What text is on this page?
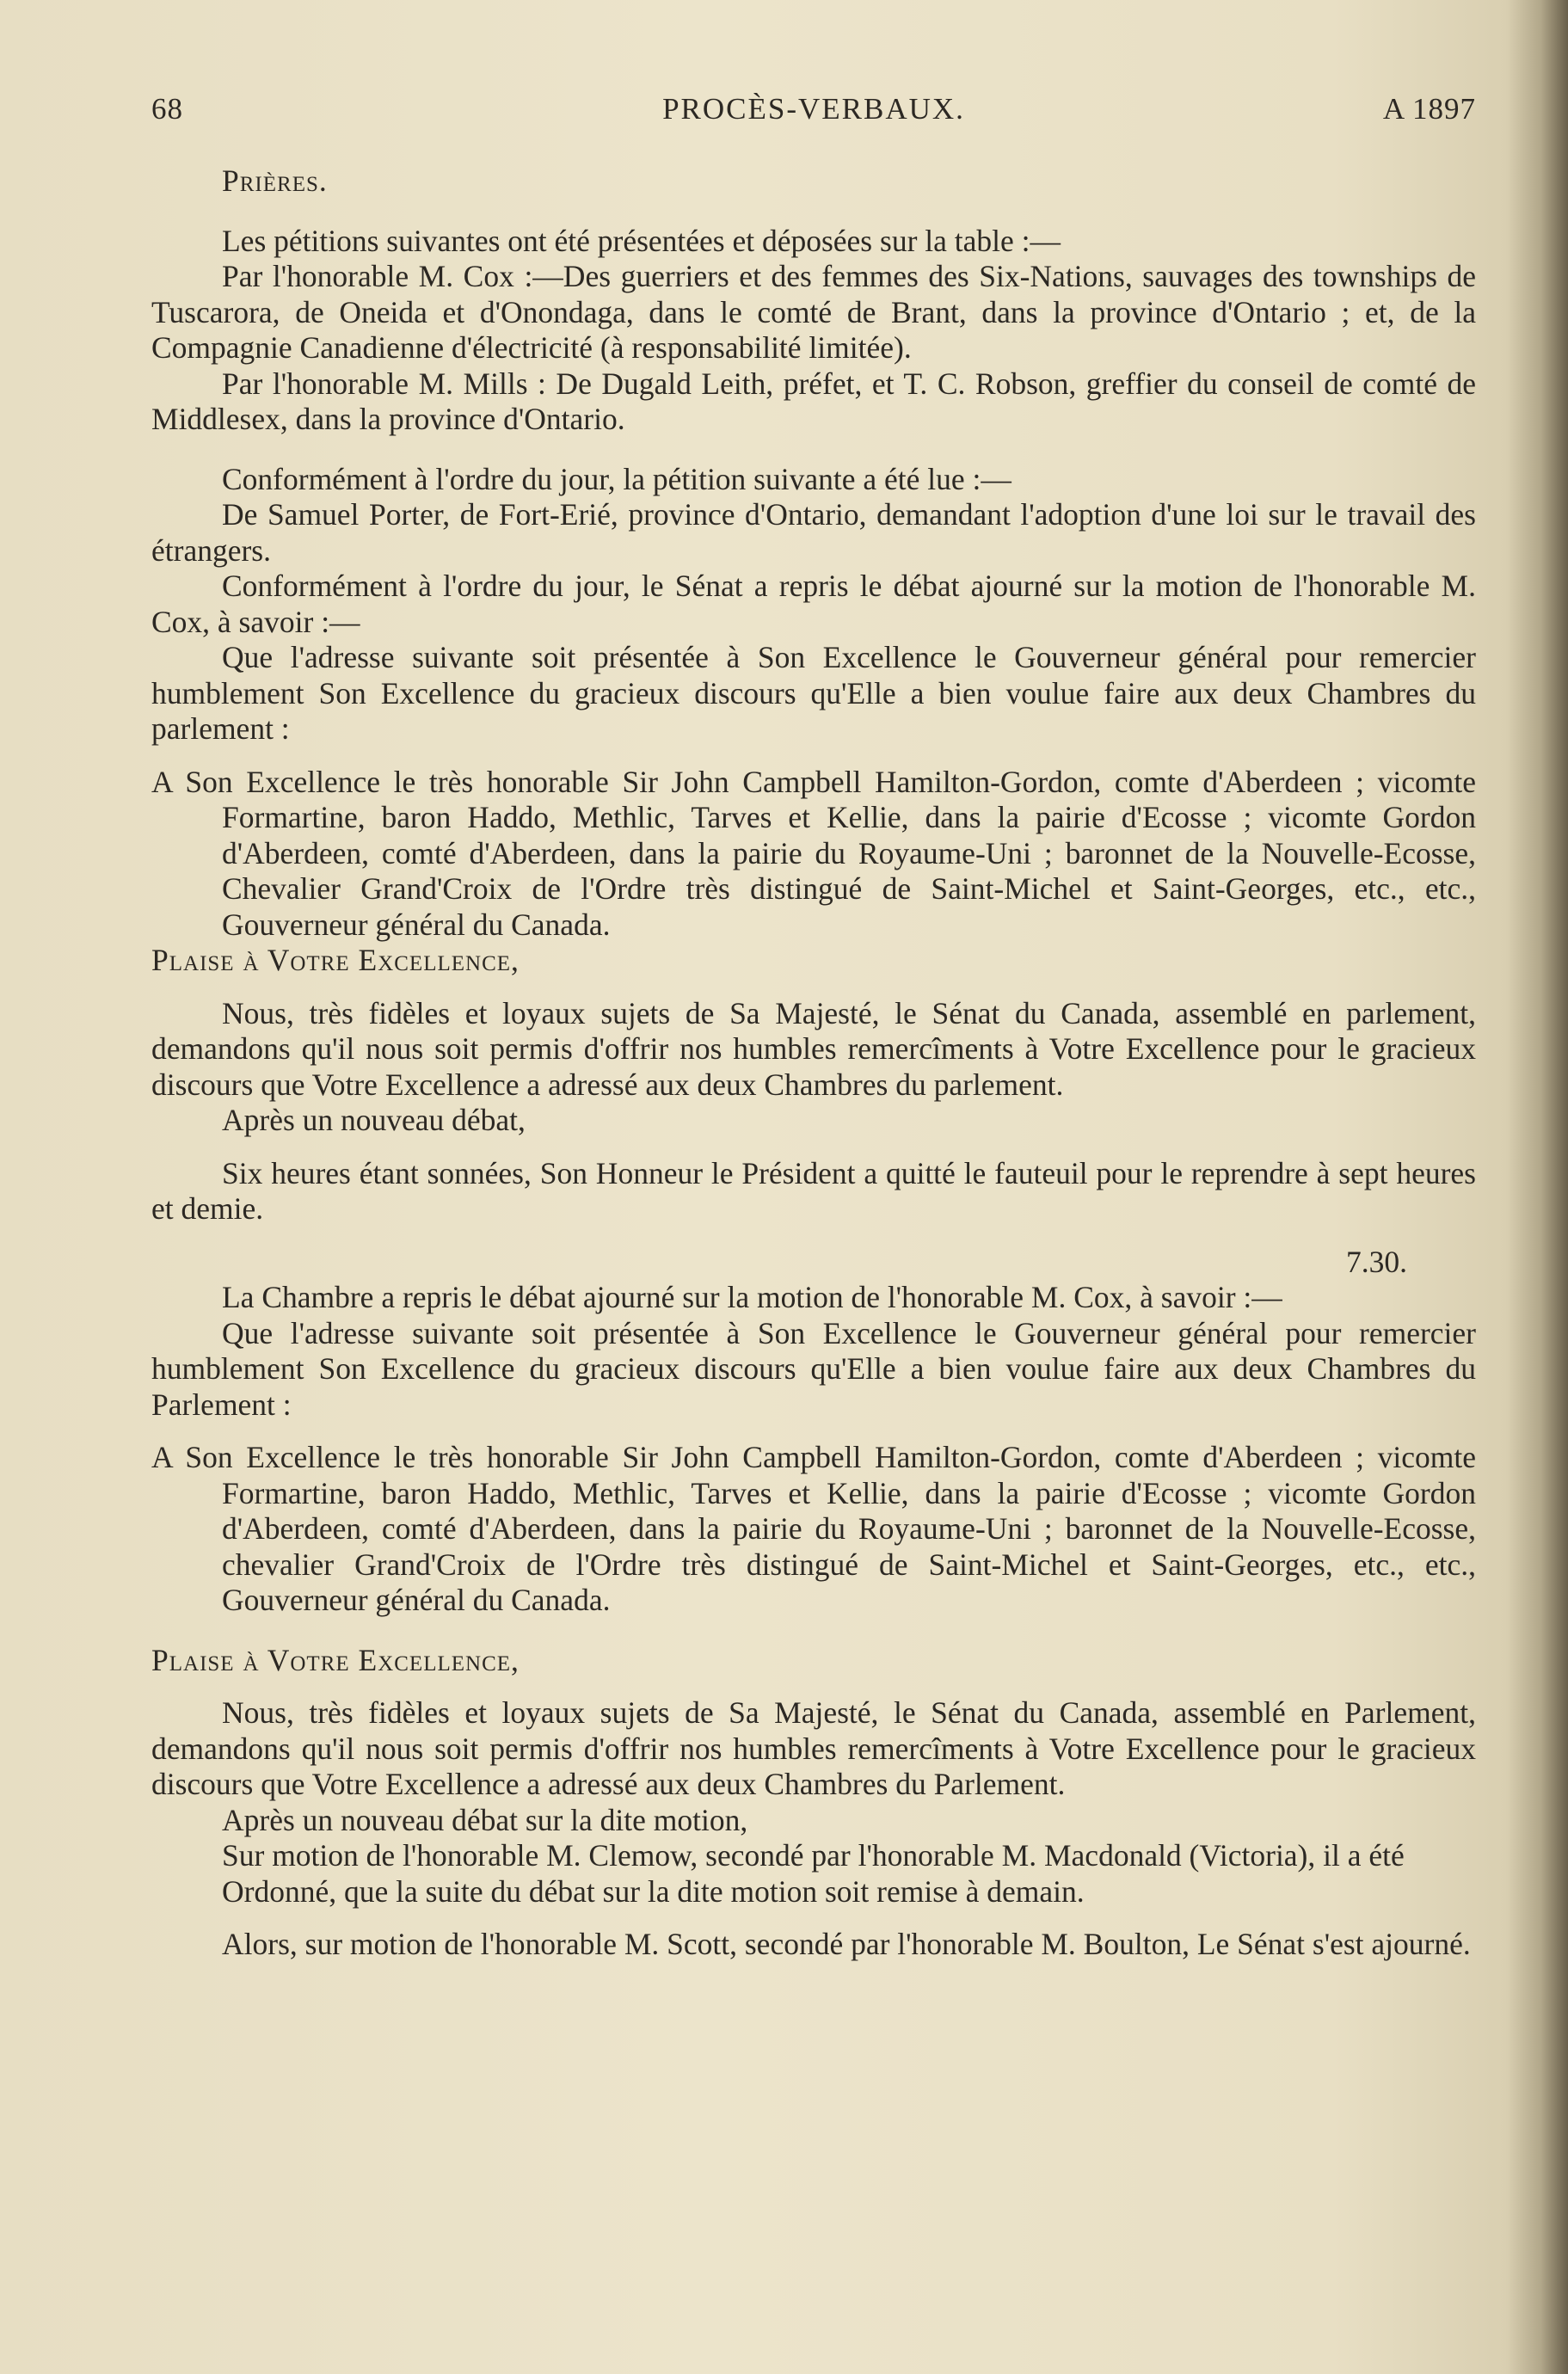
68	PROCÈS-VERBAUX.	A 1897

Prières.

Les pétitions suivantes ont été présentées et déposées sur la table :—

Par l'honorable M. Cox :—Des guerriers et des femmes des Six-Nations, sauvages des townships de Tuscarora, de Oneida et d'Onondaga, dans le comté de Brant, dans la province d'Ontario ; et, de la Compagnie Canadienne d'électricité (à responsabilité limitée).

Par l'honorable M. Mills : De Dugald Leith, préfet, et T. C. Robson, greffier du conseil de comté de Middlesex, dans la province d'Ontario.

Conformément à l'ordre du jour, la pétition suivante a été lue :—

De Samuel Porter, de Fort-Erié, province d'Ontario, demandant l'adoption d'une loi sur le travail des étrangers.

Conformément à l'ordre du jour, le Sénat a repris le débat ajourné sur la motion de l'honorable M. Cox, à savoir :—

Que l'adresse suivante soit présentée à Son Excellence le Gouverneur général pour remercier humblement Son Excellence du gracieux discours qu'Elle a bien voulue faire aux deux Chambres du parlement :

A Son Excellence le très honorable Sir John Campbell Hamilton-Gordon, comte d'Aberdeen ; vicomte Formartine, baron Haddo, Methlic, Tarves et Kellie, dans la pairie d'Ecosse ; vicomte Gordon d'Aberdeen, comté d'Aberdeen, dans la pairie du Royaume-Uni ; baronnet de la Nouvelle-Ecosse, Chevalier Grand'Croix de l'Ordre très distingué de Saint-Michel et Saint-Georges, etc., etc., Gouverneur général du Canada.

Plaise à Votre Excellence,

Nous, très fidèles et loyaux sujets de Sa Majesté, le Sénat du Canada, assemblé en parlement, demandons qu'il nous soit permis d'offrir nos humbles remercîments à Votre Excellence pour le gracieux discours que Votre Excellence a adressé aux deux Chambres du parlement.

Après un nouveau débat,

Six heures étant sonnées, Son Honneur le Président a quitté le fauteuil pour le reprendre à sept heures et demie.

7.30.

La Chambre a repris le débat ajourné sur la motion de l'honorable M. Cox, à savoir :—

Que l'adresse suivante soit présentée à Son Excellence le Gouverneur général pour remercier humblement Son Excellence du gracieux discours qu'Elle a bien voulue faire aux deux Chambres du Parlement :

A Son Excellence le très honorable Sir John Campbell Hamilton-Gordon, comte d'Aberdeen ; vicomte Formartine, baron Haddo, Methlic, Tarves et Kellie, dans la pairie d'Ecosse ; vicomte Gordon d'Aberdeen, comté d'Aberdeen, dans la pairie du Royaume-Uni ; baronnet de la Nouvelle-Ecosse, chevalier Grand'Croix de l'Ordre très distingué de Saint-Michel et Saint-Georges, etc., etc., Gouverneur général du Canada.

Plaise à Votre Excellence,

Nous, très fidèles et loyaux sujets de Sa Majesté, le Sénat du Canada, assemblé en Parlement, demandons qu'il nous soit permis d'offrir nos humbles remercîments à Votre Excellence pour le gracieux discours que Votre Excellence a adressé aux deux Chambres du Parlement.

Après un nouveau débat sur la dite motion,

Sur motion de l'honorable M. Clemow, secondé par l'honorable M. Macdonald (Victoria), il a été

Ordonné, que la suite du débat sur la dite motion soit remise à demain.

Alors, sur motion de l'honorable M. Scott, secondé par l'honorable M. Boulton, Le Sénat s'est ajourné.
